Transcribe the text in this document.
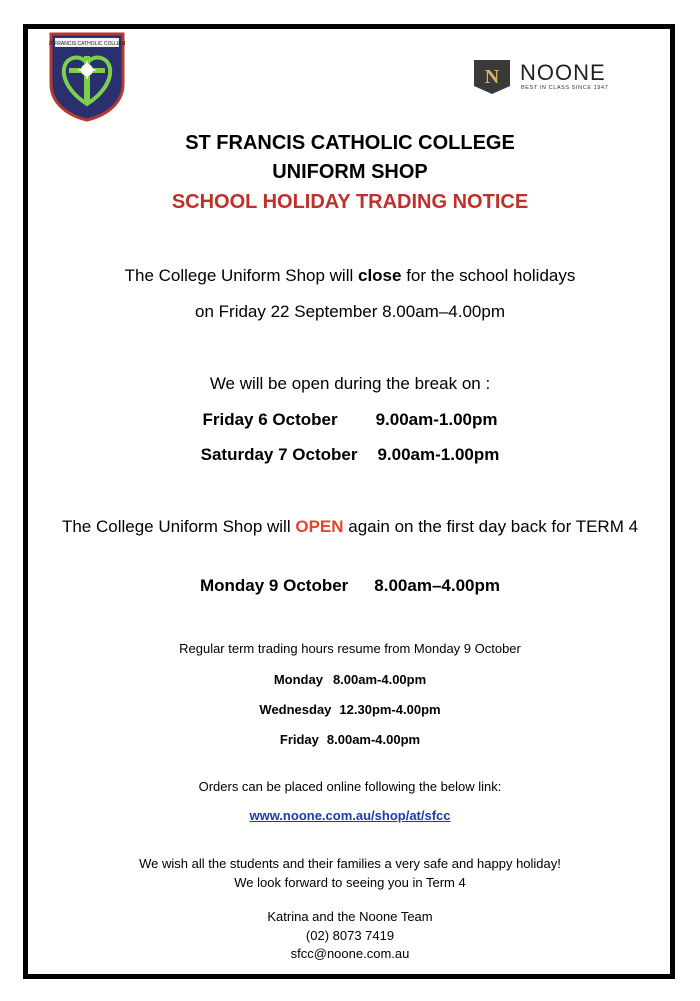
ST FRANCIS CATHOLIC COLLEGE
N NOONE
BEST IN CLASS SINCE 1947
ST FRANCIS CATHOLIC COLLEGE
UNIFORM SHOP
SCHOOL HOLIDAY TRADING NOTICE
The College Uniform Shop will close for the school holidays
on Friday 22 September 8.00am–4.00pm
We will be open during the break on :
Friday 6 October 9.00am-1.00pm
Saturday 7 October 9.00am-1.00pm
The College Uniform Shop will OPEN again on the first day back for TERM 4
Monday 9 October 8.00am–4.00pm
Regular term trading hours resume from Monday 9 October
Monday 8.00am-4.00pm
Wednesday 12.30pm-4.00pm
Friday 8.00am-4.00pm
Orders can be placed online following the below link:
www.noone.com.au/shop/at/sfcc
We wish all the students and their families a very safe and happy holiday!
We look forward to seeing you in Term 4
Katrina and the Noone Team
(02) 8073 7419
sfcc@noone.com.au
